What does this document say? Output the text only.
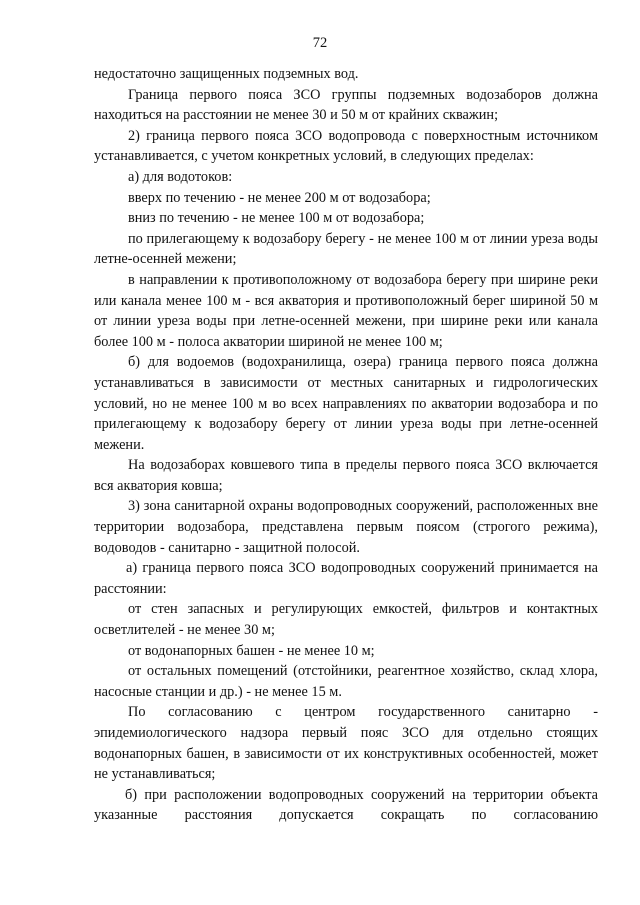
72

недостаточно защищенных подземных вод.

Граница первого пояса ЗСО группы подземных водозаборов должна находиться на расстоянии не менее 30 и 50 м от крайних скважин;

2) граница первого пояса ЗСО водопровода с поверхностным источником устанавливается, с учетом конкретных условий, в следующих пределах:

а) для водотоков:

вверх по течению - не менее 200 м от водозабора;

вниз по течению - не менее 100 м от водозабора;

по прилегающему к водозабору берегу - не менее 100 м от линии уреза воды летне-осенней межени;

в направлении к противоположному от водозабора берегу при ширине реки или канала менее 100 м - вся акватория и противоположный берег шириной 50 м от линии уреза воды при летне-осенней межени, при ширине реки или канала более 100 м - полоса акватории шириной не менее 100 м;

б) для водоемов (водохранилища, озера) граница первого пояса должна устанавливаться в зависимости от местных санитарных и гидрологических условий, но не менее 100 м во всех направлениях по акватории водозабора и по прилегающему к водозабору берегу от линии уреза воды при летне-осенней межени.

На водозаборах ковшевого типа в пределы первого пояса ЗСО включается вся акватория ковша;

3) зона санитарной охраны водопроводных сооружений, расположенных вне территории водозабора, представлена первым поясом (строгого режима), водоводов - санитарно - защитной полосой.

а) граница первого пояса ЗСО водопроводных сооружений принимается на расстоянии:

от стен запасных и регулирующих емкостей, фильтров и контактных осветлителей - не менее 30 м;

от водонапорных башен - не менее 10 м;

от остальных помещений (отстойники, реагентное хозяйство, склад хлора, насосные станции и др.) - не менее 15 м.

По согласованию с центром государственного санитарно - эпидемиологического надзора первый пояс ЗСО для отдельно стоящих водонапорных башен, в зависимости от их конструктивных особенностей, может не устанавливаться;

б) при расположении водопроводных сооружений на территории объекта указанные расстояния допускается сокращать по согласованию
